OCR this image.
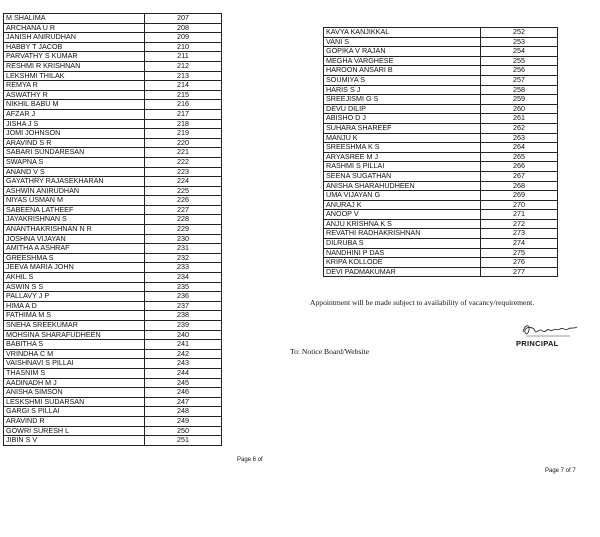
M SHALIMA	207
ARCHANA U R	208
JANISH ANIRUDHAN	209
HABBY T JACOB	210
PARVATHY S KUMAR	211
RESHMI R KRISHNAN	212
LEKSHMI THILAK	213
REMYA R	214
ASWATHY R	215
NIKHIL BABU M	216
AFZAR J	217
JISHA J S	218
JOMI JOHNSON	219
ARAVIND S R	220
SABARI SUNDARESAN	221
SWAPNA S	222
ANAND V S	223
GAYATHRY RAJASEKHARAN	224
ASHWIN ANIRUDHAN	225
NIYAS USMAN M	226
SABEENA LATHEEF	227
JAYAKRISHNAN S	228
ANANTHAKRISHNAN N R	229
JOSHNA VIJAYAN	230
AMITHA A ASHRAF	231
GREESHMA S	232
JEEVA MARIA JOHN	233
AKHIL S	234
ASWIN S S	235
PALLAVY J P	236
HIMA A D	237
FATHIMA M S	238
SNEHA SREEKUMAR	239
MOHSINA SHARAFUDHEEN	240
BABITHA S	241
VRINDHA C M	242
VAISHNAVI S PILLAI	243
THASNIM S	244
AADINADH M J	245
ANISHA SIMSON	246
LESKSHMI SUDARSAN	247
GARGI S PILLAI	248
ARAVIND R	249
GOWRI SURESH L	250
JIBIN S V	251
KAVYA KANJIKKAL	252
VANI S	253
GOPIKA V RAJAN	254
MEGHA VARGHESE	255
HAROON ANSARI B	256
SOUMIYA S	257
HARIS S J	258
SREEJISMI G S	259
DEVU DILIP	260
ABISHO D J	261
SUHARA SHAREEF	262
MANJU K	263
SREESHMA K S	264
ARYASREE M J	265
RASHMI S PILLAI	266
SEENA SUGATHAN	267
ANISHA SHARAHUDHEEN	268
UMA VIJAYAN G	269
ANURAJ K	270
ANOOP V	271
ANJU KRISHNA K S	272
REVATHI RADHAKRISHNAN	273
DILRUBA S	274
NANDHINI P DAS	275
KRIPA KOLLODE	276
DEVI PADMAKUMAR	277
Appointment will be made subject to availability of vacancy/requirement.
PRINCIPAL
To: Notice Board/Website
Page 6 of
Page 7 of 7
